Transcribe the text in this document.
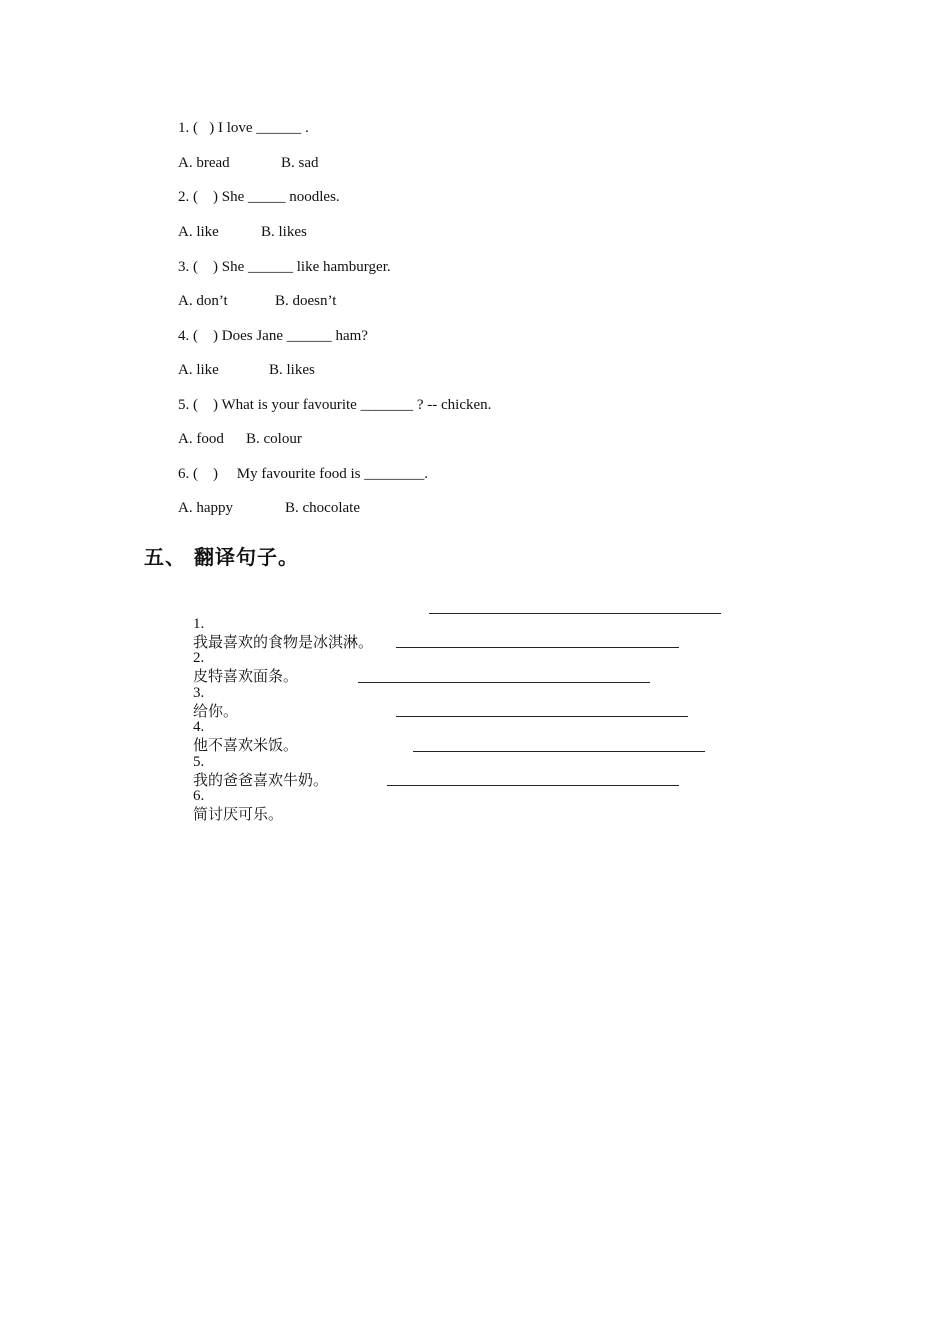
1. (   ) I love ______ .
A. bread	B. sad
2. (    ) She _____ noodles.
A. like	B. likes
3. (    ) She ______ like hamburger.
A. don’t	B. doesn’t
4. (    ) Does Jane ______ ham?
A. like	B. likes
5. (    ) What is your favourite _______ ? -- chicken.
A. food B. colour
6. (    )     My favourite food is ________.
A. happy	B. chocolate
五、 翻译句子。

1.
我最喜欢的食物是冰淇淋。

2.
皮特喜欢面条。

3.
给你。

4.
他不喜欢米饭。

5.
我的爸爸喜欢牛奶。

6.
简讨厌可乐。
